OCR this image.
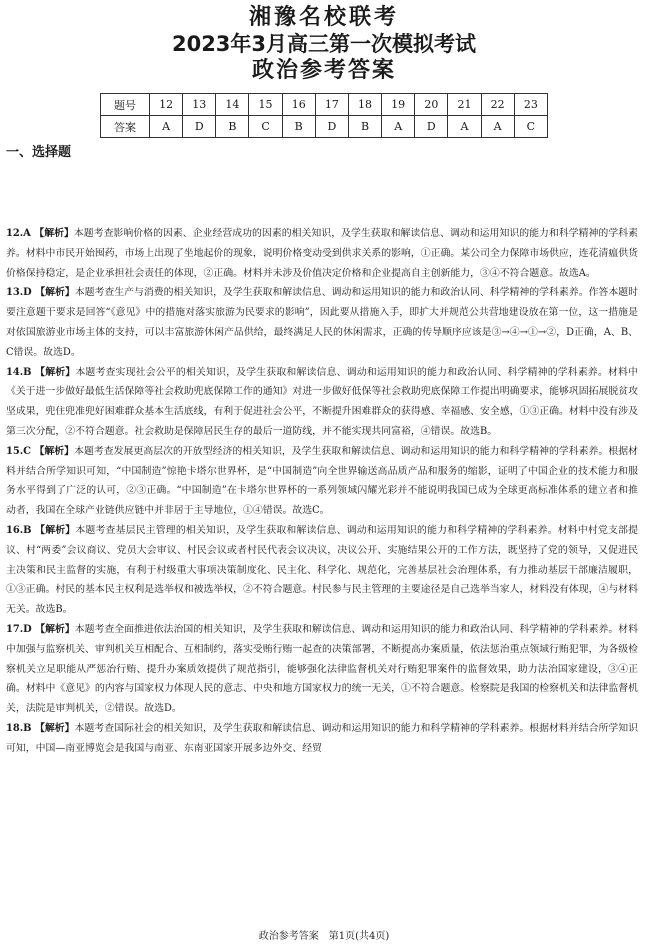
湘豫名校联考
2023年3月高三第一次模拟考试
政治参考答案
题号	12	13	14	15	16	17	18	19	20	21	22	23
答案	A	D	B	C	B	D	B	A	D	A	A	C
一、选择题

12.A 【解析】本题考查影响价格的因素、企业经营成功的因素的相关知识，及学生获取和解读信息、调动和运用知识的能力和科学精神的学科素养。材料中市民开始囤药，市场上出现了坐地起价的现象，说明价格变动受到供求关系的影响，①正确。某公司全力保障市场供应，连花清瘟供货价格保持稳定，是企业承担社会责任的体现，②正确。材料并未涉及价值决定价格和企业提高自主创新能力，③④不符合题意。故选A。

13.D 【解析】本题考查生产与消费的相关知识，及学生获取和解读信息、调动和运用知识的能力和政治认同、科学精神的学科素养。作答本题时要注意题干要求是回答“《意见》中的措施对落实旅游为民要求的影响”，因此要从措施入手，即扩大并规范公共营地建设放在第一位，这一措施是对依国旅游业市场主体的支持，可以丰富旅游休闲产品供给，最终满足人民的休闲需求，正确的传导顺序应该是③→④→①→②，D正确，A、B、C错误。故选D。

14.B 【解析】本题考查实现社会公平的相关知识，及学生获取和解读信息、调动和运用知识的能力和政治认同、科学精神的学科素养。材料中《关于进一步做好最低生活保障等社会救助兜底保障工作的通知》对进一步做好低保等社会救助兜底保障工作提出明确要求，能够巩固拓展脱贫攻坚成果，兜住兜准兜好困难群众基本生活底线，有利于促进社会公平，不断提升困难群众的获得感、幸福感、安全感，①③正确。材料中没有涉及第三次分配，②不符合题意。社会救助是保障居民生存的最后一道防线，并不能实现共同富裕，④错误。故选B。

15.C 【解析】本题考查发展更高层次的开放型经济的相关知识，及学生获取和解读信息、调动和运用知识的能力和科学精神的学科素养。根据材料并结合所学知识可知，“中国制造”惊艳卡塔尔世界杯，是“中国制造”向全世界输送高品质产品和服务的缩影，证明了中国企业的技术能力和服务水平得到了广泛的认可，②③正确。“中国制造”在卡塔尔世界杯的一系列领域闪耀光彩并不能说明我国已成为全球更高标准体系的建立者和推动者，我国在全球产业链供应链中并非居于主导地位，①④错误。故选C。

16.B 【解析】本题考查基层民主管理的相关知识，及学生获取和解读信息、调动和运用知识的能力和科学精神的学科素养。材料中村党支部提议、村“两委”会议商议、党员大会审议、村民会议或者村民代表会议决议，决议公开、实施结果公开的工作方法，既坚持了党的领导，又促进民主决策和民主监督的实施，有利于村级重大事项决策制度化、民主化、科学化、规范化，完善基层社会治理体系，有力推动基层干部廉洁履职，①③正确。村民的基本民主权利是选举权和被选举权，②不符合题意。村民参与民主管理的主要途径是自己选举当家人，材料没有体现，④与材料无关。故选B。

17.D 【解析】本题考查全面推进依法治国的相关知识，及学生获取和解读信息、调动和运用知识的能力和政治认同、科学精神的学科素养。材料中加强与监察机关、审判机关互相配合、互相制约，落实受贿行贿一起查的决策部署，不断提高办案质量，依法惩治重点领域行贿犯罪，为各级检察机关立足职能从严惩治行贿、提升办案质效提供了规范指引，能够强化法律监督机关对行贿犯罪案件的监督效果，助力法治国家建设，③④正确。材料中《意见》的内容与国家权力体现人民的意志、中央和地方国家权力的统一无关，①不符合题意。检察院是我国的检察机关和法律监督机关，法院是审判机关，②错误。故选D。

18.B 【解析】本题考查国际社会的相关知识，及学生获取和解读信息、调动和运用知识的能力和科学精神的学科素养。根据材料并结合所学知识可知，中国—南亚博览会是我国与南亚、东南亚国家开展多边外交、经贸

政治参考答案　第1页(共4页)
